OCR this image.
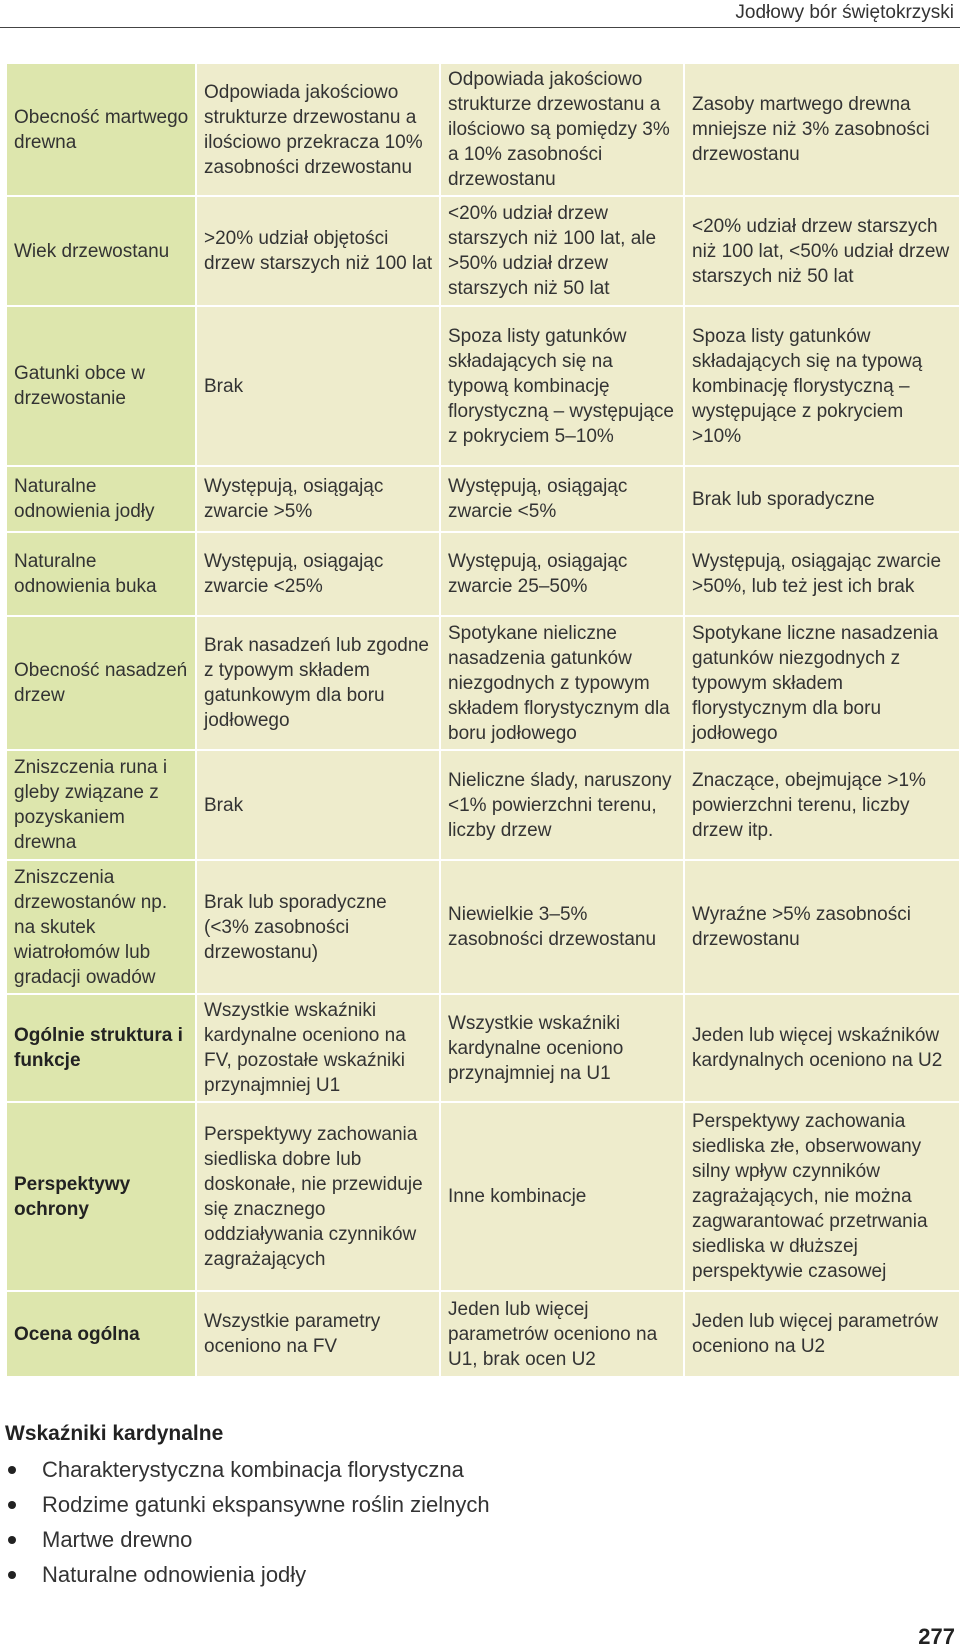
Jodłowy bór świętokrzyski
Obecność martwego drewna	Odpowiada jakościowo strukturze drzewostanu a ilościowo przekracza 10% zasobności drzewostanu	Odpowiada jakościowo strukturze drzewostanu a ilościowo są pomiędzy 3% a 10% zasobności drzewostanu	Zasoby martwego drewna mniejsze niż 3% zasobności drzewostanu
Wiek drzewostanu	>20% udział objętości drzew starszych niż 100 lat	<20% udział drzew starszych niż 100 lat, ale >50% udział drzew starszych niż 50 lat	<20% udział drzew starszych niż 100 lat, <50% udział drzew starszych niż 50 lat
Gatunki obce w drzewostanie	Brak	Spoza listy gatunków składających się na typową kombinację florystyczną – występujące z pokryciem 5–10%	Spoza listy gatunków składających się na typową kombinację florystyczną – występujące z pokryciem >10%
Naturalne odnowienia jodły	Występują, osiągając zwarcie >5%	Występują, osiągając zwarcie <5%	Brak lub sporadyczne
Naturalne odnowienia buka	Występują, osiągając zwarcie <25%	Występują, osiągając zwarcie 25–50%	Występują, osiągając zwarcie >50%, lub też jest ich brak
Obecność nasadzeń drzew	Brak nasadzeń lub zgodne z typowym składem gatunkowym dla boru jodłowego	Spotykane nieliczne nasadzenia gatunków niezgodnych z typowym składem florystycznym dla boru jodłowego	Spotykane liczne nasadzenia gatunków niezgodnych z typowym składem florystycznym dla boru jodłowego
Zniszczenia runa i gleby związane z pozyskaniem drewna	Brak	Nieliczne ślady, naruszony <1% powierzchni terenu, liczby drzew	Znaczące, obejmujące >1% powierzchni terenu, liczby drzew itp.
Zniszczenia drzewostanów np. na skutek wiatrołomów lub gradacji owadów	Brak lub sporadyczne (<3% zasobności drzewostanu)	Niewielkie 3–5% zasobności drzewostanu	Wyraźne >5% zasobności drzewostanu
Ogólnie struktura i funkcje	Wszystkie wskaźniki kardynalne oceniono na FV, pozostałe wskaźniki przynajmniej U1	Wszystkie wskaźniki kardynalne oceniono przynajmniej na U1	Jeden lub więcej wskaźników kardynalnych oceniono na U2
Perspektywy ochrony	Perspektywy zachowania siedliska dobre lub doskonałe, nie przewiduje się znacznego oddziaływania czynników zagrażających	Inne kombinacje	Perspektywy zachowania siedliska złe, obserwowany silny wpływ czynników zagrażających, nie można zagwarantować przetrwania siedliska w dłuższej perspektywie czasowej
Ocena ogólna	Wszystkie parametry oceniono na FV	Jeden lub więcej parametrów oceniono na U1, brak ocen U2	Jeden lub więcej parametrów oceniono na U2
Wskaźniki kardynalne
Charakterystyczna kombinacja florystyczna
Rodzime gatunki ekspansywne roślin zielnych
Martwe drewno
Naturalne odnowienia jodły
277
